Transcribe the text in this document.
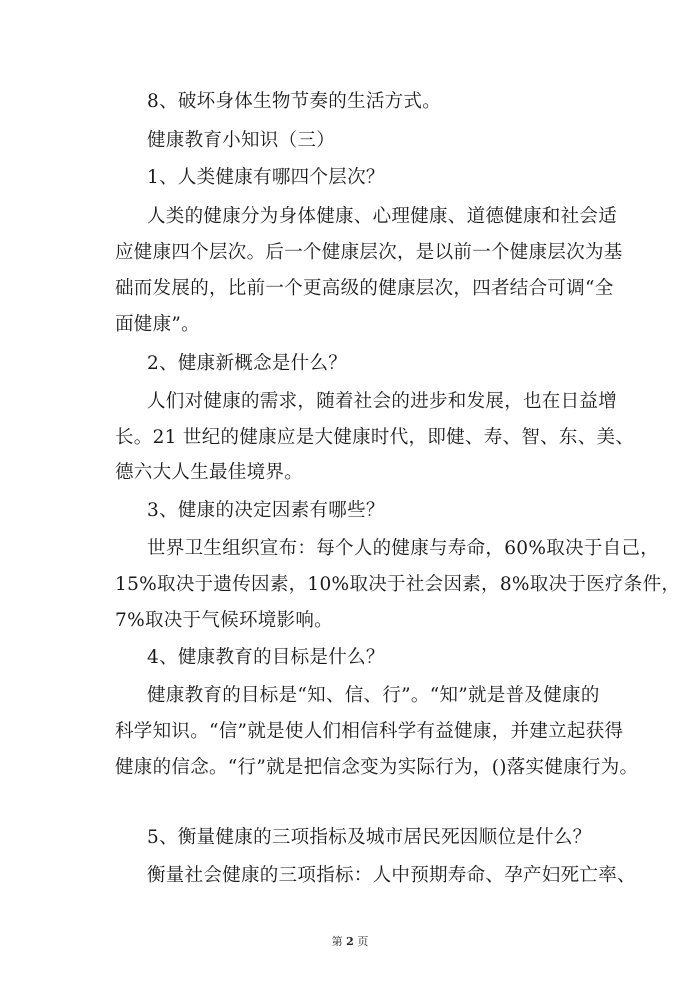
8、破坏身体生物节奏的生活方式。
健康教育小知识（三）
1、人类健康有哪四个层次？
人类的健康分为身体健康、心理健康、道德健康和社会适
应健康四个层次。后一个健康层次，是以前一个健康层次为基
础而发展的，比前一个更高级的健康层次，四者结合可调“全
面健康”。
2、健康新概念是什么？
人们对健康的需求，随着社会的进步和发展，也在日益增
长。21 世纪的健康应是大健康时代，即健、寿、智、东、美、
德六大人生最佳境界。
3、健康的决定因素有哪些？
世界卫生组织宣布：每个人的健康与寿命，60%取决于自己，
15%取决于遗传因素，10%取决于社会因素，8%取决于医疗条件，
7%取决于气候环境影响。
4、健康教育的目标是什么？
健康教育的目标是“知、信、行”。“知”就是普及健康的
科学知识。“信”就是使人们相信科学有益健康，并建立起获得
健康的信念。“行”就是把信念变为实际行为，()落实健康行为。
5、衡量健康的三项指标及城市居民死因顺位是什么？
衡量社会健康的三项指标：人中预期寿命、孕产妇死亡率、
第 2 页
